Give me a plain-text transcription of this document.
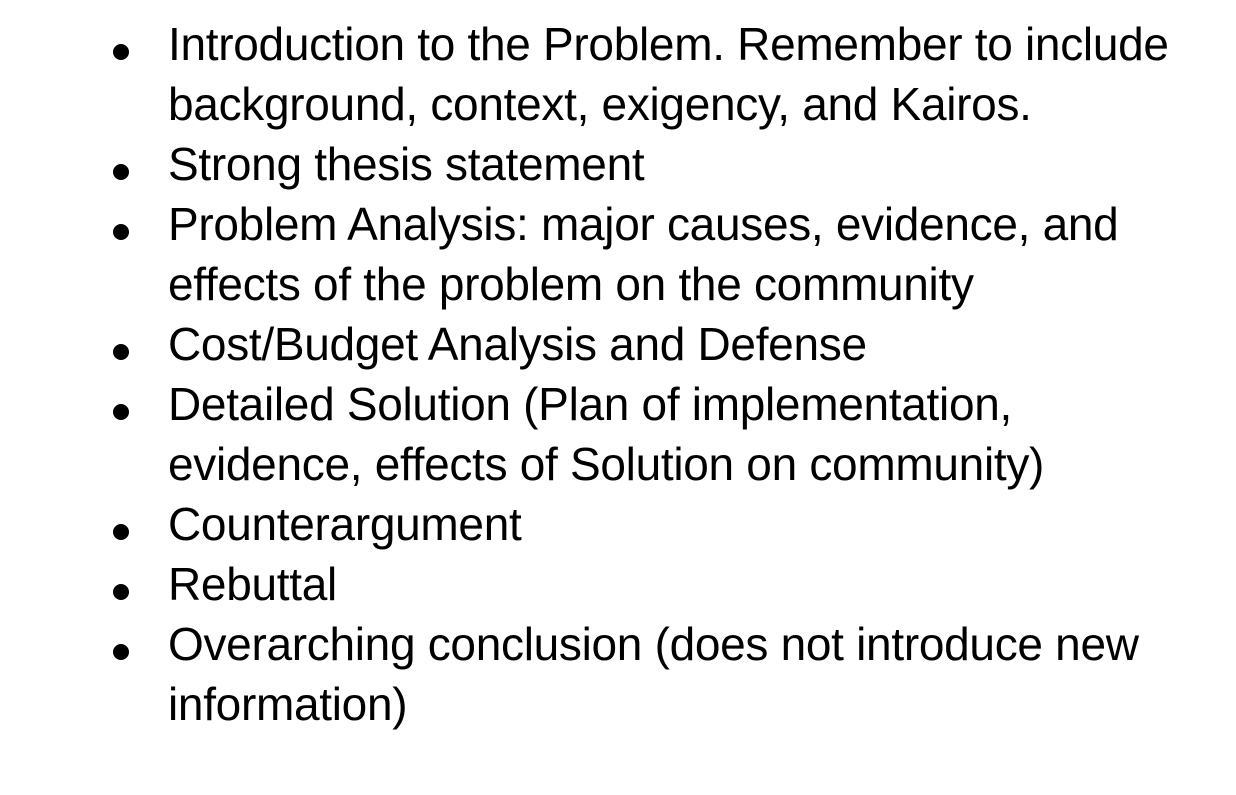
Introduction to the Problem. Remember to include background, context, exigency, and Kairos.
Strong thesis statement
Problem Analysis: major causes, evidence, and effects of the problem on the community
Cost/Budget Analysis and Defense
Detailed Solution (Plan of implementation, evidence, effects of Solution on community)
Counterargument
Rebuttal
Overarching conclusion (does not introduce new information)
